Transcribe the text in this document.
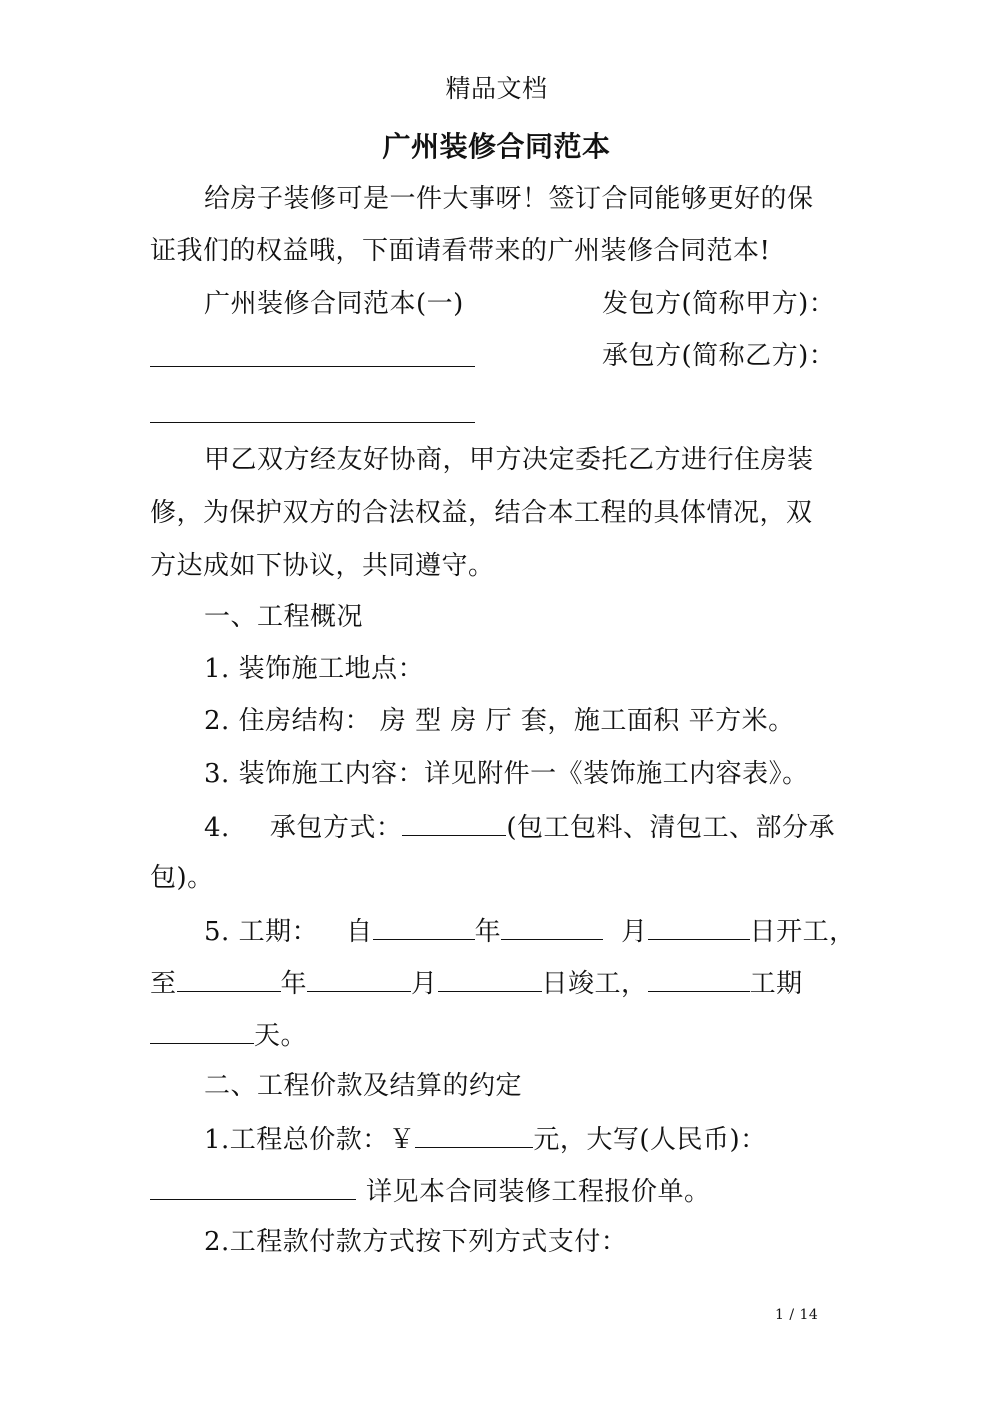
精品文档
广州装修合同范本
给房子装修可是一件大事呀！签订合同能够更好的保
证我们的权益哦，下面请看带来的广州装修合同范本!
广州装修合同范本(一)	发包方(简称甲方)：
承包方(简称乙方)：
甲乙双方经友好协商，甲方决定委托乙方进行住房装
修，为保护双方的合法权益，结合本工程的具体情况，双
方达成如下协议，共同遵守。
一、工程概况
1. 装饰施工地点：
2. 住房结构： 房 型 房 厅 套，施工面积 平方米。
3. 装饰施工内容：详见附件一《装饰施工内容表》。
4. 承包方式：	(包工包料、清包工、部分承
包)。
5. 工期： 自	年	月	日开工，
至	年	月	日竣工，	工期
天。
二、工程价款及结算的约定
1.工程总价款：￥	元，大写(人民币)：
详见本合同装修工程报价单。
2.工程款付款方式按下列方式支付：
1 / 14
